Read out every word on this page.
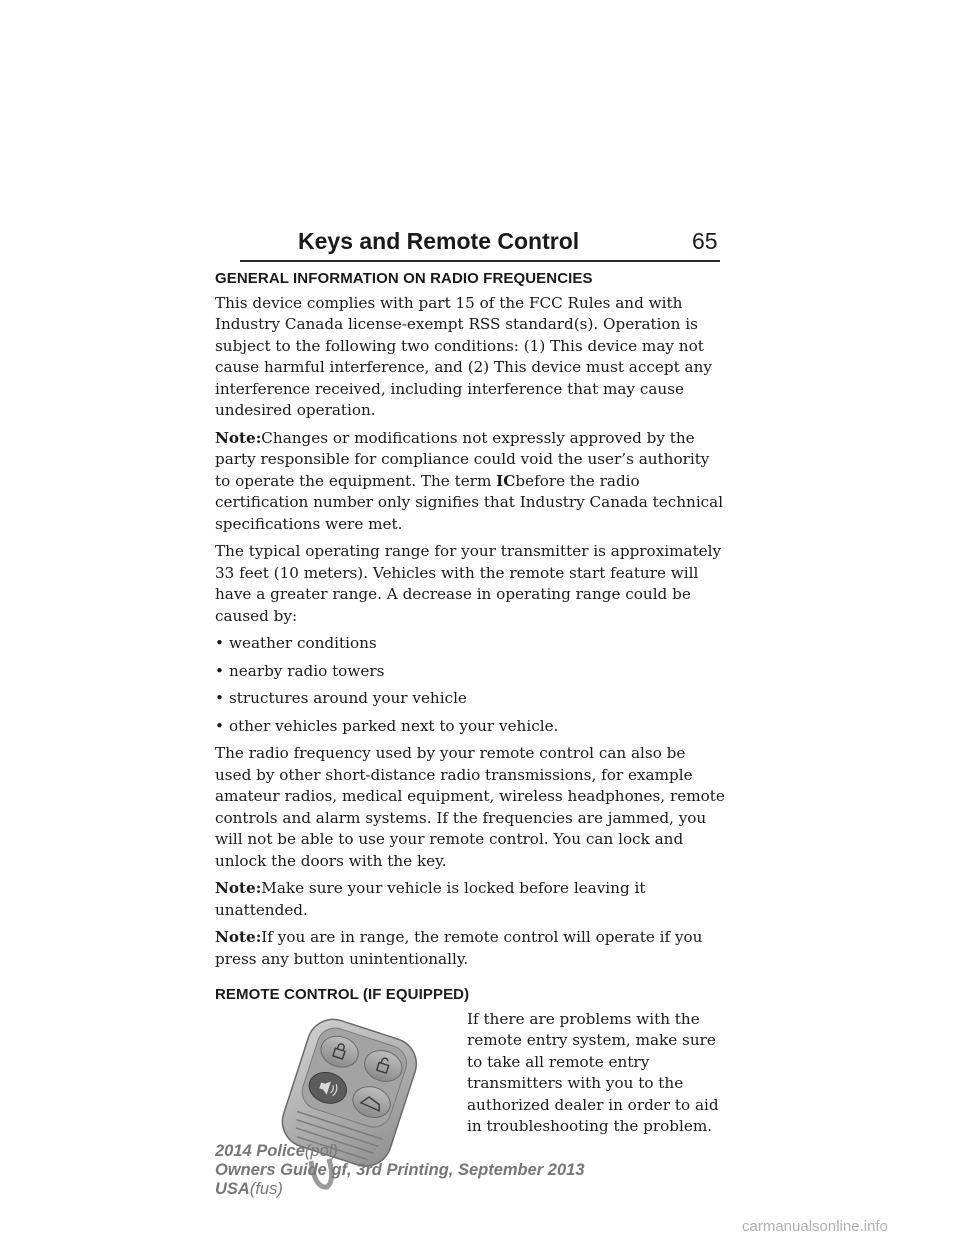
Keys and Remote Control	65
GENERAL INFORMATION ON RADIO FREQUENCIES

This device complies with part 15 of the FCC Rules and with Industry Canada license-exempt RSS standard(s). Operation is subject to the following two conditions: (1) This device may not cause harmful interference, and (2) This device must accept any interference received, including interference that may cause undesired operation.

Note:Changes or modifications not expressly approved by the party responsible for compliance could void the user’s authority to operate the equipment. The term ICbefore the radio certification number only signifies that Industry Canada technical specifications were met.

The typical operating range for your transmitter is approximately 33 feet (10 meters). Vehicles with the remote start feature will have a greater range. A decrease in operating range could be caused by:

• weather conditions
• nearby radio towers
• structures around your vehicle
• other vehicles parked next to your vehicle.

The radio frequency used by your remote control can also be used by other short-distance radio transmissions, for example amateur radios, medical equipment, wireless headphones, remote controls and alarm systems. If the frequencies are jammed, you will not be able to use your remote control. You can lock and unlock the doors with the key.

Note:Make sure your vehicle is locked before leaving it unattended.

Note:If you are in range, the remote control will operate if you press any button unintentionally.

REMOTE CONTROL (IF EQUIPPED)
If there are problems with the remote entry system, make sure to take all remote entry transmitters with you to the authorized dealer in order to aid in troubleshooting the problem.
2014 Police(pol)
Owners Guide gf, 3rd Printing, September 2013
USA(fus)
carmanualsonline.info
